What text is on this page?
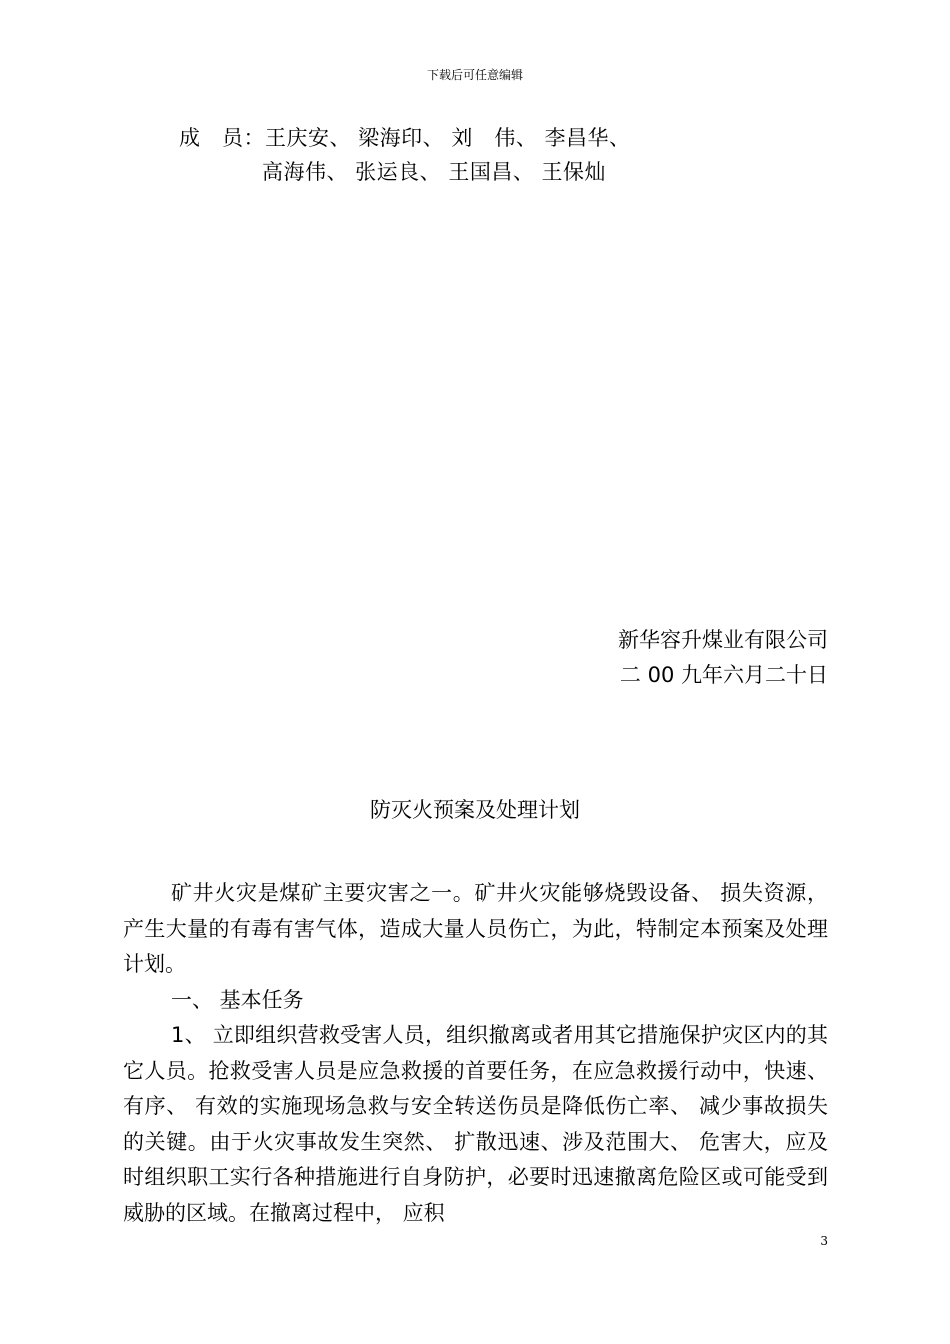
下载后可任意编辑
成　员：王庆安、 梁海印、 刘　伟、 李昌华、
高海伟、 张运良、 王国昌、 王保灿
新华容升煤业有限公司
二 00 九年六月二十日
防灭火预案及处理计划

矿井火灾是煤矿主要灾害之一。矿井火灾能够烧毁设备、 损失资源，产生大量的有毒有害气体，造成大量人员伤亡，为此，特制定本预案及处理计划。

一、 基本任务

1、 立即组织营救受害人员，组织撤离或者用其它措施保护灾区内的其它人员。抢救受害人员是应急救援的首要任务，在应急救援行动中，快速、 有序、 有效的实施现场急救与安全转送伤员是降低伤亡率、 减少事故损失的关键。由于火灾事故发生突然、 扩散迅速、涉及范围大、 危害大，应及时组织职工实行各种措施进行自身防护，必要时迅速撤离危险区或可能受到威胁的区域。在撤离过程中， 应积

3
